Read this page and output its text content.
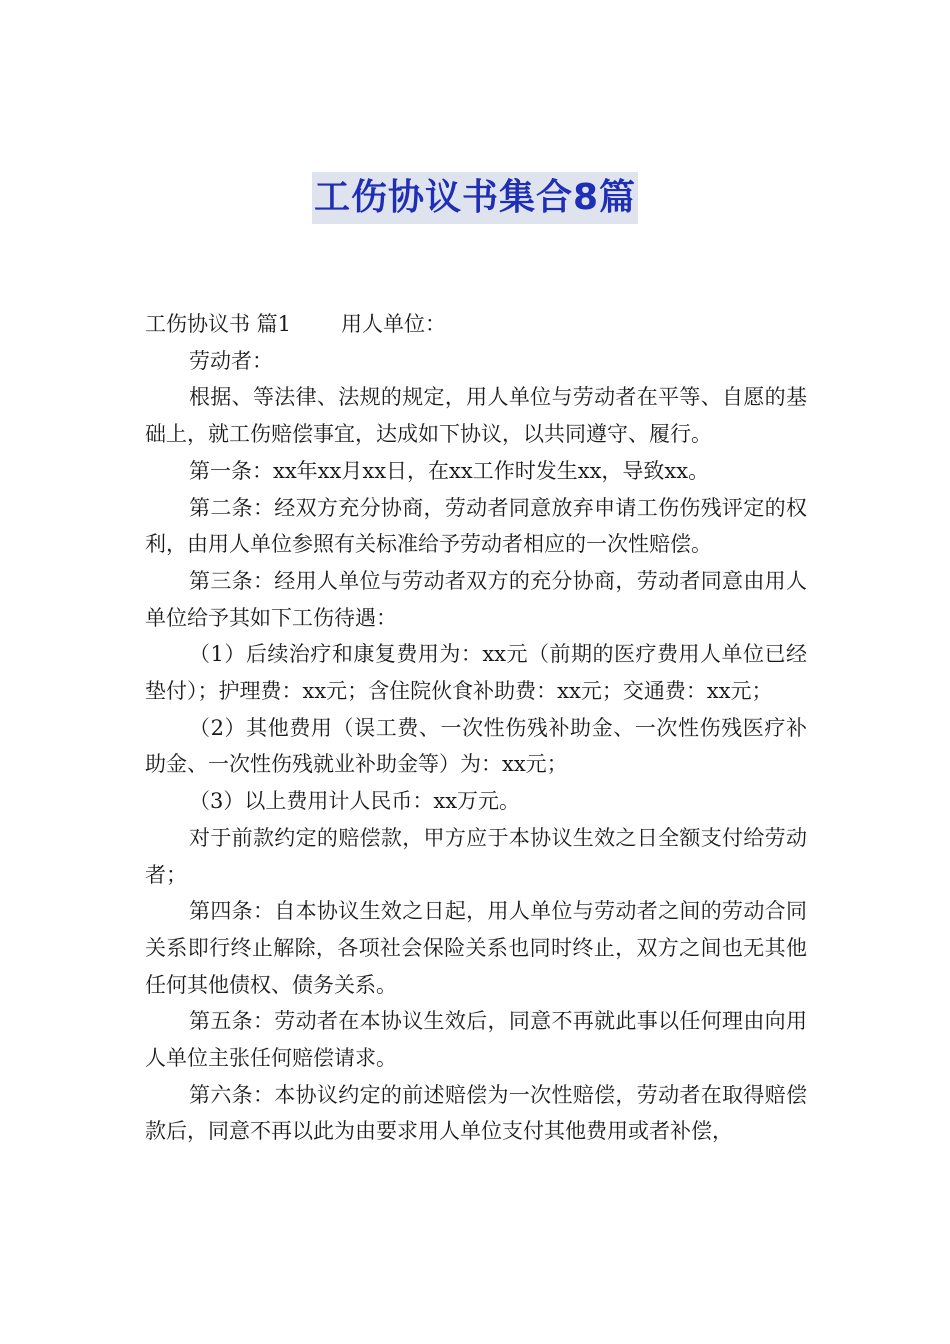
工伤协议书集合8篇

工伤协议书 篇1 用人单位：

劳动者：

根据、等法律、法规的规定，用人单位与劳动者在平等、自愿的基础上，就工伤赔偿事宜，达成如下协议，以共同遵守、履行。

第一条：xx年xx月xx日，在xx工作时发生xx，导致xx。

第二条：经双方充分协商，劳动者同意放弃申请工伤伤残评定的权利，由用人单位参照有关标准给予劳动者相应的一次性赔偿。

第三条：经用人单位与劳动者双方的充分协商，劳动者同意由用人单位给予其如下工伤待遇：

（1）后续治疗和康复费用为：xx元（前期的医疗费用人单位已经垫付）；护理费：xx元；含住院伙食补助费：xx元；交通费：xx元；

（2）其他费用（误工费、一次性伤残补助金、一次性伤残医疗补助金、一次性伤残就业补助金等）为：xx元；

（3）以上费用计人民币：xx万元。

对于前款约定的赔偿款，甲方应于本协议生效之日全额支付给劳动者；

第四条：自本协议生效之日起，用人单位与劳动者之间的劳动合同关系即行终止解除，各项社会保险关系也同时终止，双方之间也无其他任何其他债权、债务关系。

第五条：劳动者在本协议生效后，同意不再就此事以任何理由向用人单位主张任何赔偿请求。

第六条：本协议约定的前述赔偿为一次性赔偿，劳动者在取得赔偿款后，同意不再以此为由要求用人单位支付其他费用或者补偿，
